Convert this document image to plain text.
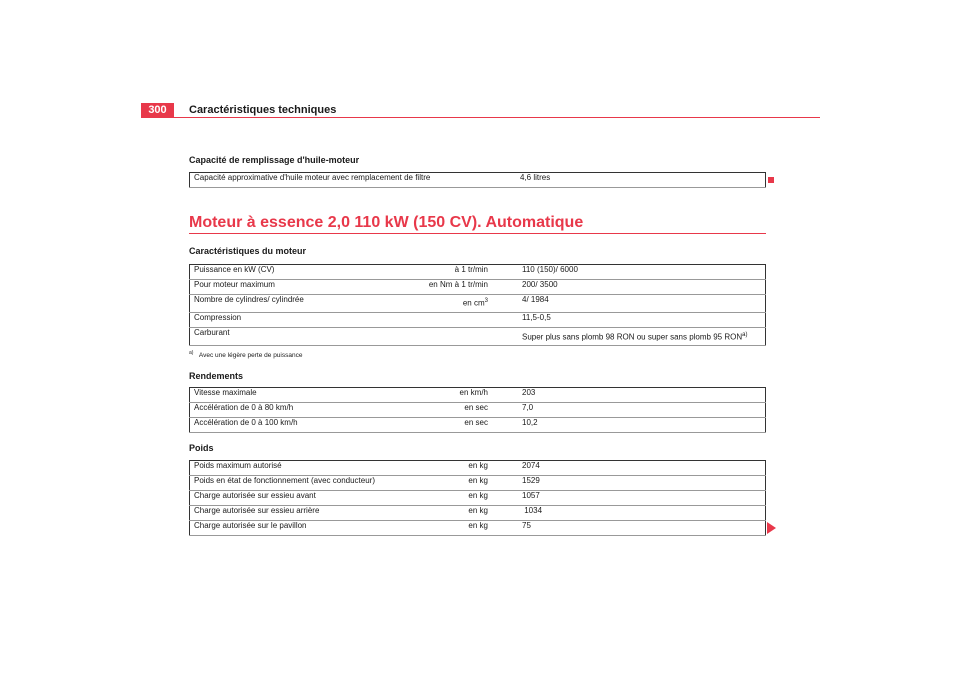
300	Caractéristiques techniques
Capacité de remplissage d'huile-moteur
Capacité approximative d'huile moteur avec remplacement de filtre	4,6 litres
Moteur à essence 2,0 110 kW (150 CV). Automatique
Caractéristiques du moteur
Puissance en kW (CV)	à 1 tr/min	110 (150)/ 6000
Pour moteur maximum	en Nm à 1 tr/min	200/ 3500
Nombre de cylindres/ cylindrée	en $cm^3$	4/ 1984
Compression		11,5-0,5
Carburant		Super plus sans plomb 98 RON ou super sans plomb 95 RON$^{a)}$
$^{a)}$ Avec une légère perte de puissance
Rendements
Vitesse maximale	en km/h	203
Accélération de 0 à 80 km/h	en sec	7,0
Accélération de 0 à 100 km/h	en sec	10,2
Poids
Poids maximum autorisé	en kg	2074
Poids en état de fonctionnement (avec conducteur)	en kg	1529
Charge autorisée sur essieu avant	en kg	1057
Charge autorisée sur essieu arrière	en kg	1034
Charge autorisée sur le pavillon	en kg	75
